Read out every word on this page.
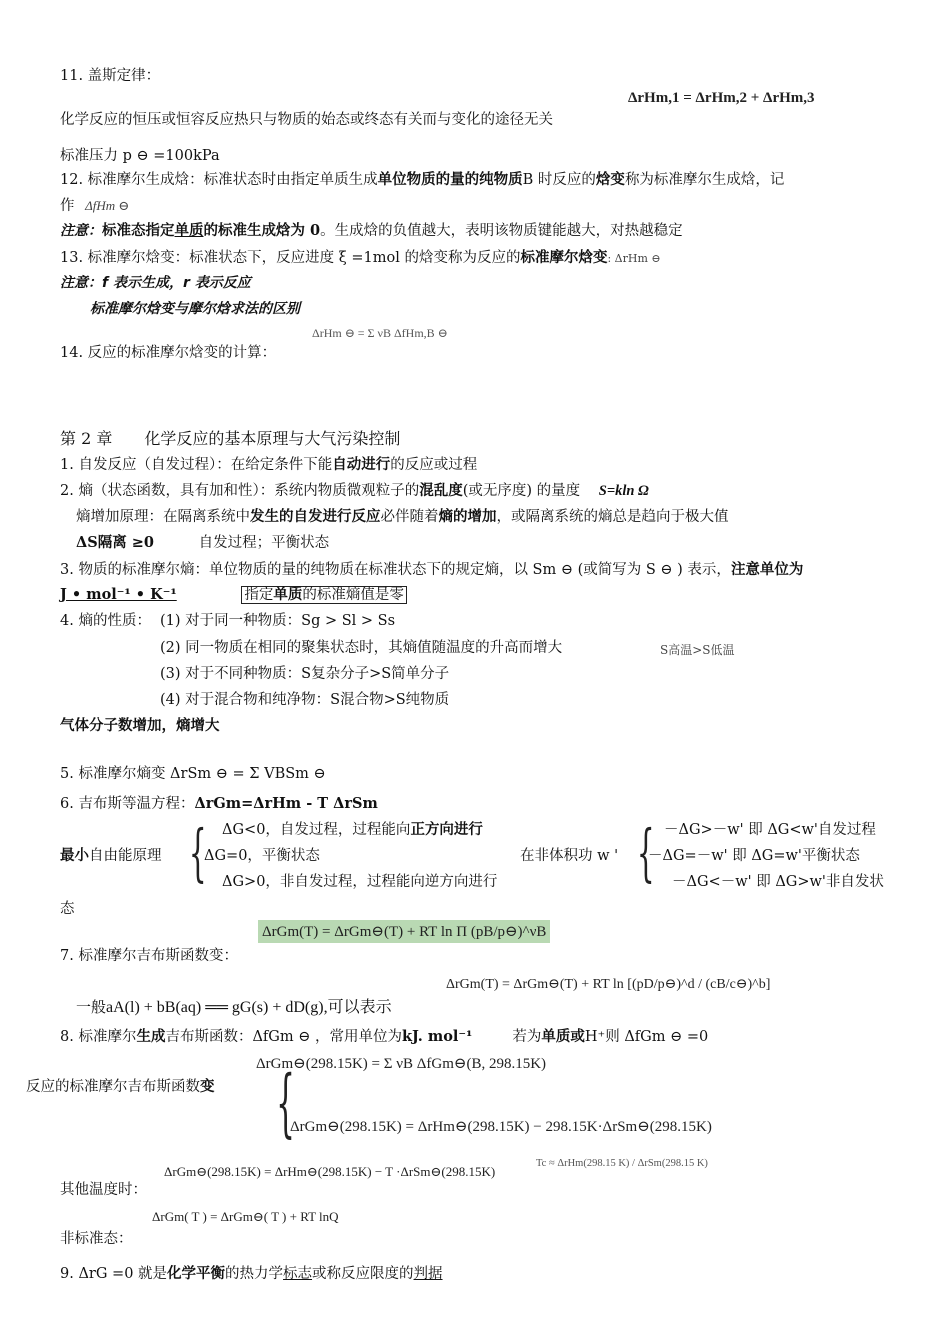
11. 盖斯定律：
ΔrHm,1 = ΔrHm,2 + ΔrHm,3
化学反应的恒压或恒容反应热只与物质的始态或终态有关而与变化的途径无关
标准压力 p ⊖ =100kPa
12. 标准摩尔生成焓：标准状态时由指定单质生成单位物质的量的纯物质B 时反应的焓变称为标准摩尔生成焓，记
作 ΔfHm ⊖
注意：标准态指定单质的标准生成焓为 0。生成焓的负值越大，表明该物质键能越大，对热越稳定
13. 标准摩尔焓变：标准状态下，反应进度 ξ =1mol 的焓变称为反应的标准摩尔焓变: ΔrHm ⊖
注意：f 表示生成，r 表示反应
标准摩尔焓变与摩尔焓求法的区别
ΔrHm ⊖ = Σ νB ΔfHm,B ⊖
14. 反应的标准摩尔焓变的计算：
第 2 章　　化学反应的基本原理与大气污染控制
1. 自发反应（自发过程）：在给定条件下能自动进行的反应或过程
2. 熵（状态函数，具有加和性）：系统内物质微观粒子的混乱度(或无序度) 的量度 S=kln Ω
熵增加原理：在隔离系统中发生的自发进行反应必伴随着熵的增加，或隔离系统的熵总是趋向于极大值
ΔS隔离 ≥0	自发过程；平衡状态
3. 物质的标准摩尔熵：单位物质的量的纯物质在标准状态下的规定熵，以 Sm ⊖ (或简写为 S ⊖ ) 表示，注意单位为
J • mol⁻¹ • K⁻¹	指定单质的标准熵值是零
4. 熵的性质： (1) 对于同一种物质：Sg > Sl > Ss
(2) 同一物质在相同的聚集状态时，其熵值随温度的升高而增大	S高温>S低温
(3) 对于不同种物质：S复杂分子>S简单分子
(4) 对于混合物和纯净物：S混合物>S纯物质
气体分子数增加，熵增大
5. 标准摩尔熵变 ΔrSm ⊖ = Σ VBSm ⊖
6. 吉布斯等温方程：ΔrGm=ΔrHm - T ΔrSm
最小自由能原理 { ΔG<0，自发过程，过程能向正方向进行
ΔG=0，平衡状态
ΔG>0，非自发过程，过程能向逆方向进行
在非体积功 w ' { －ΔG>－w' 即 ΔG<w'自发过程
－ΔG=－w' 即 ΔG=w'平衡状态
－ΔG<－w' 即 ΔG>w'非自发状
态
ΔrGm(T) = ΔrGm⊖(T) + RT ln Π (pB/p⊖)^νB
7. 标准摩尔吉布斯函数变：
ΔrGm(T) = ΔrGm⊖(T) + RT ln [(pD/p⊖)^d / (cB/c⊖)^b]
一般aA(l) + bB(aq) ══ gG(s) + dD(g),可以表示
8. 标准摩尔生成吉布斯函数：ΔfGm ⊖ ，常用单位为kJ. mol⁻¹	若为单质或H⁺则 ΔfGm ⊖ =0
ΔrGm⊖(298.15K) = Σ νB ΔfGm⊖(B, 298.15K)
反应的标准摩尔吉布斯函数变 {
ΔrGm⊖(298.15K) = ΔrHm⊖(298.15K) − 298.15K·ΔrSm⊖(298.15K)
ΔrGm⊖(298.15K) = ΔrHm⊖(298.15K) − T ·ΔrSm⊖(298.15K)
Tc ≈ ΔrHm(298.15 K) / ΔrSm(298.15 K)
其他温度时：
ΔrGm( T ) = ΔrGm⊖( T ) + RT lnQ
非标准态：
9. ΔrG =0 就是化学平衡的热力学标志或称反应限度的判据
